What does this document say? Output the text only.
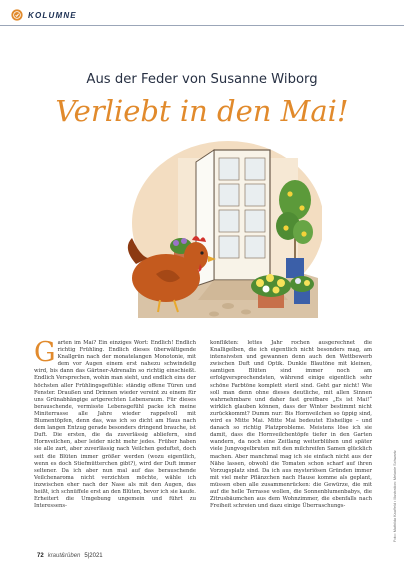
KOLUMNE
Aus der Feder von Susanne Wiborg
Verliebt in den Mai!
G arten im Mai? Ein einziges Wort: Endlich! Endlich richtig Frühling. Endlich dieses überwältigende Knallgrün nach der monatelangen Monotonie, mit dem vor Augen einem erst nahezu schwindelig wird, bis dann das Gärtner-Adrenalin so richtig einschießt. Endlich Versprechen, wohin man sieht, und endlich eins der höchsten aller Frühlingsgefühle: ständig offene Türen und Fenster. Draußen und Drinnen wieder vereint zu einem für uns Grünabhängige artgerechten Lebensraum. Für dieses berauschende, vermisste Lebensgefühl packe ich meine Miniterrasse alle Jahre wieder rappelvoll mit Blumentöpfen, denn das, was ich so dicht am Haus nach dem langen Entzug gerade besonders dringend brauche, ist Duft. Die ersten, die da zuverlässig abliefern, sind Hornveilchen, aber leider nicht mehr jedes. Früher haben sie alle zart, aber zuverlässig nach Veilchen geduftet, doch seit die Blüten immer größer werden (wozu eigentlich, wenn es doch Stiefmütterchen gibt?), wird der Duft immer seltener. Da ich aber nun mal auf das berauschende Veilchenaroma nicht verzichten möchte, wähle ich inzwischen eher nach der Nase als mit den Augen, das heißt, ich schnüffele erst an den Blüten, bevor ich sie kaufe. Erheitert die Umgebung ungemein und führt zu Interessens-
konflikten: lettes Jahr rochen ausgerechnet die Knalligelben, die ich eigentlich nicht besonders mag, am intensivsten und gewannen denn auch den Wettbewerb zwischen Duft und Optik. Dunkle Blautöne mit kleinen, samtigen Blüten sind immer noch am erfolgversprechendsten, während einige eigentlich sehr schöne Farbtöne komplett steril sind. Geht gar nicht! Wie soll man denn ohne dieses deutliche, mit allen Sinnen wahrnehmbare und daher fast greifbare „Es ist Mai!“ wirklich glauben können, dass der Winter bestimmt nicht zurückkommt? Dumm nur: Bis Hornveilchen so üppig sind, wird es Mitte Mai. Mitte Mai bedeutet Eisheilige – und danach so richtig Platzprobleme. Meistens löse ich sie damit, dass die Hornveilchentöpfe tiefer in den Garten wandern, da noch eine Zeitlang weiterblühen und später viele Jungvogelbruten mit den milchreifen Samen glücklich machen. Aber manchmal mag ich sie einfach nicht aus der Nähe lassen, obwohl die Tomaten schon scharf auf ihren Vorzugsplatz sind. Da ich aus mysteriösen Gründen immer mit viel mehr Pflänzchen nach Hause komme als geplant, müssen eben alle zusammenrücken: die Gewürze, die mit auf die helle Terrasse wollen, die Sonnenblumenbabys, die Zitrusbäumchen aus dem Wohnzimmer, die ebenfalls nach Freiheit schreien und dazu einige Überraschungs-	Foto: Mathilda Kauffeld • Illustration: Melanie Schwartz
72 kraut&rüben 5|2021
